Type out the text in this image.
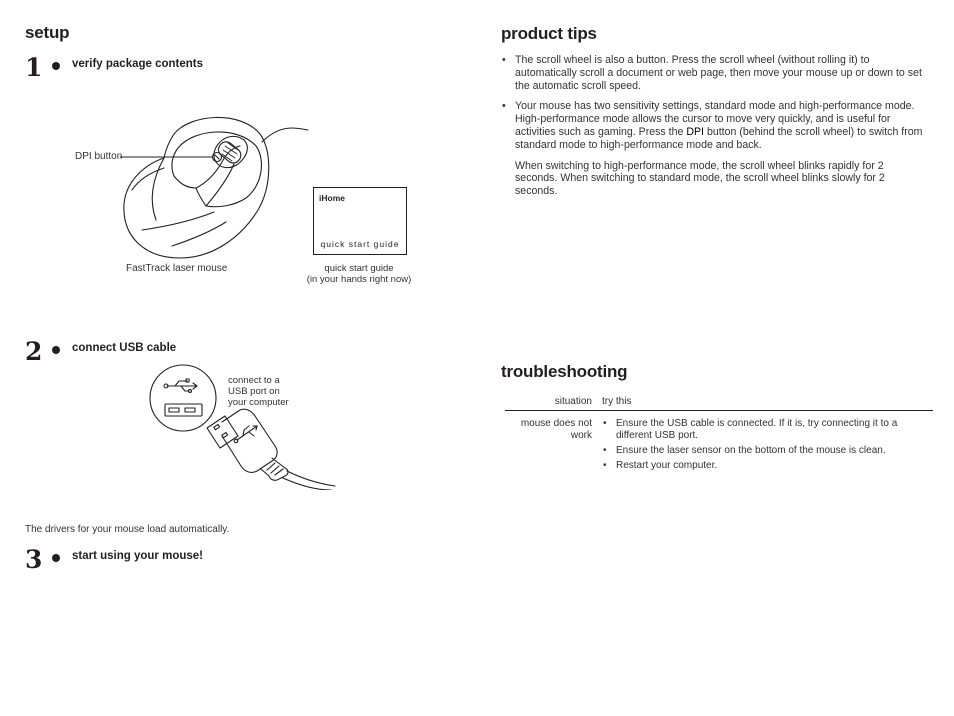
setup
1	verify package contents
DPI button
FastTrack laser mouse
iHome
quick start guide
quick start guide
(in your hands right now)
2	connect USB cable
connect to a
USB port on
your computer
The drivers for your mouse load automatically.
3	start using your mouse!
product tips
• The scroll wheel is also a button. Press the scroll wheel (without rolling it) to automatically scroll a document or web page, then move your mouse up or down to set the automatic scroll speed.
• Your mouse has two sensitivity settings, standard mode and high-performance mode. High-performance mode allows the cursor to move very quickly, and is useful for activities such as gaming. Press the DPI button (behind the scroll wheel) to switch from standard mode to high-performance mode and back.
When switching to high-performance mode, the scroll wheel blinks rapidly for 2 seconds. When switching to standard mode, the scroll wheel blinks slowly for 2 seconds.
troubleshooting
situation	try this
mouse does not work	• Ensure the USB cable is connected. If it is, try connecting it to a different USB port.
• Ensure the laser sensor on the bottom of the mouse is clean.
• Restart your computer.
